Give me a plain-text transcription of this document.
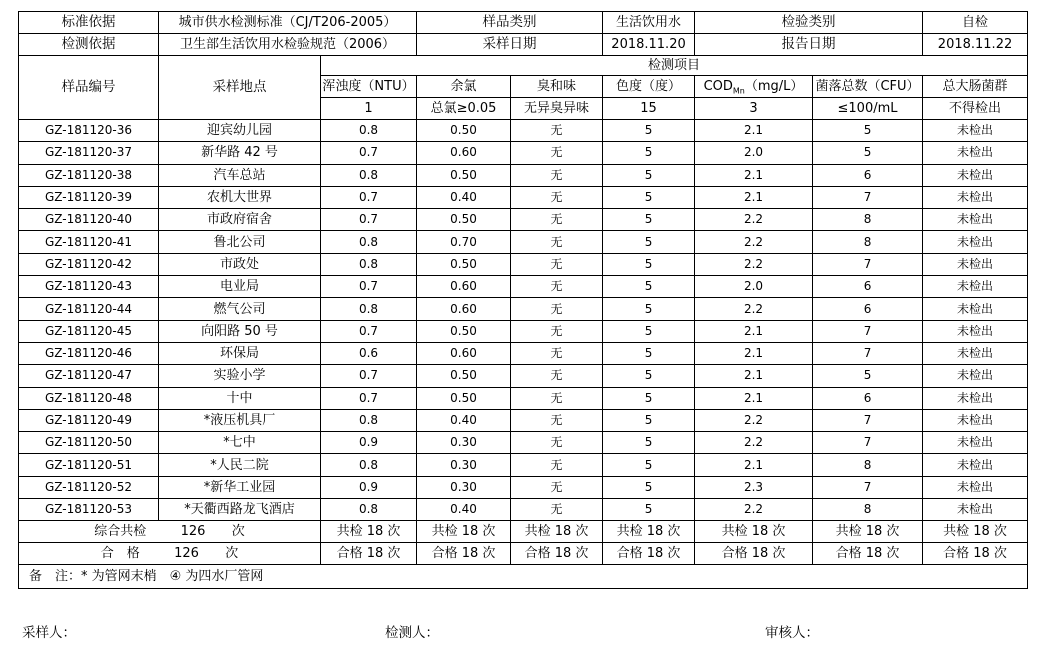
标准依据	城市供水检测标准（CJ/T206-2005）		样品类别		生活饮用水	检验类别		自检
检测依据	卫生部生活饮用水检验规范（2006）		采样日期		2018.11.20	报告日期		2018.11.22
样品编号	采样地点	检测项目						
		浑浊度（NTU）	余氯	臭和味	色度（度）	$COD_{Mn}(mg/L)$	菌落总数（CFU）	总大肠菌群
		1	总氯≥0.05	无异臭异味	15	3	≤100/mL	不得检出
GZ-181120-36	迎宾幼儿园	0.8	0.50	无	5	2.1	5	未检出
GZ-181120-37	新华路 42 号	0.7	0.60	无	5	2.0	5	未检出
GZ-181120-38	汽车总站	0.8	0.50	无	5	2.1	6	未检出
GZ-181120-39	农机大世界	0.7	0.40	无	5	2.1	7	未检出
GZ-181120-40	市政府宿舍	0.7	0.50	无	5	2.2	8	未检出
GZ-181120-41	鲁北公司	0.8	0.70	无	5	2.2	8	未检出
GZ-181120-42	市政处	0.8	0.50	无	5	2.2	7	未检出
GZ-181120-43	电业局	0.7	0.60	无	5	2.0	6	未检出
GZ-181120-44	燃气公司	0.8	0.60	无	5	2.2	6	未检出
GZ-181120-45	向阳路 50 号	0.7	0.50	无	5	2.1	7	未检出
GZ-181120-46	环保局	0.6	0.60	无	5	2.1	7	未检出
GZ-181120-47	实验小学	0.7	0.50	无	5	2.1	5	未检出
GZ-181120-48	十中	0.7	0.50	无	5	2.1	6	未检出
GZ-181120-49	*液压机具厂	0.8	0.40	无	5	2.2	7	未检出
GZ-181120-50	*七中	0.9	0.30	无	5	2.2	7	未检出
GZ-181120-51	*人民二院	0.8	0.30	无	5	2.1	8	未检出
GZ-181120-52	*新华工业园	0.9	0.30	无	5	2.3	7	未检出
GZ-181120-53	*天衢西路龙飞酒店	0.8	0.40	无	5	2.2	8	未检出
综合共检 126 次		共检 18 次	共检 18 次	共检 18 次	共检 18 次	共检 18 次	共检 18 次	共检 18 次
合　格 126 次		合格 18 次	合格 18 次	合格 18 次	合格 18 次	合格 18 次	合格 18 次	合格 18 次
备　注：* 为管网末梢　④ 为四水厂管网								
采样人：	检测人：	审核人：
